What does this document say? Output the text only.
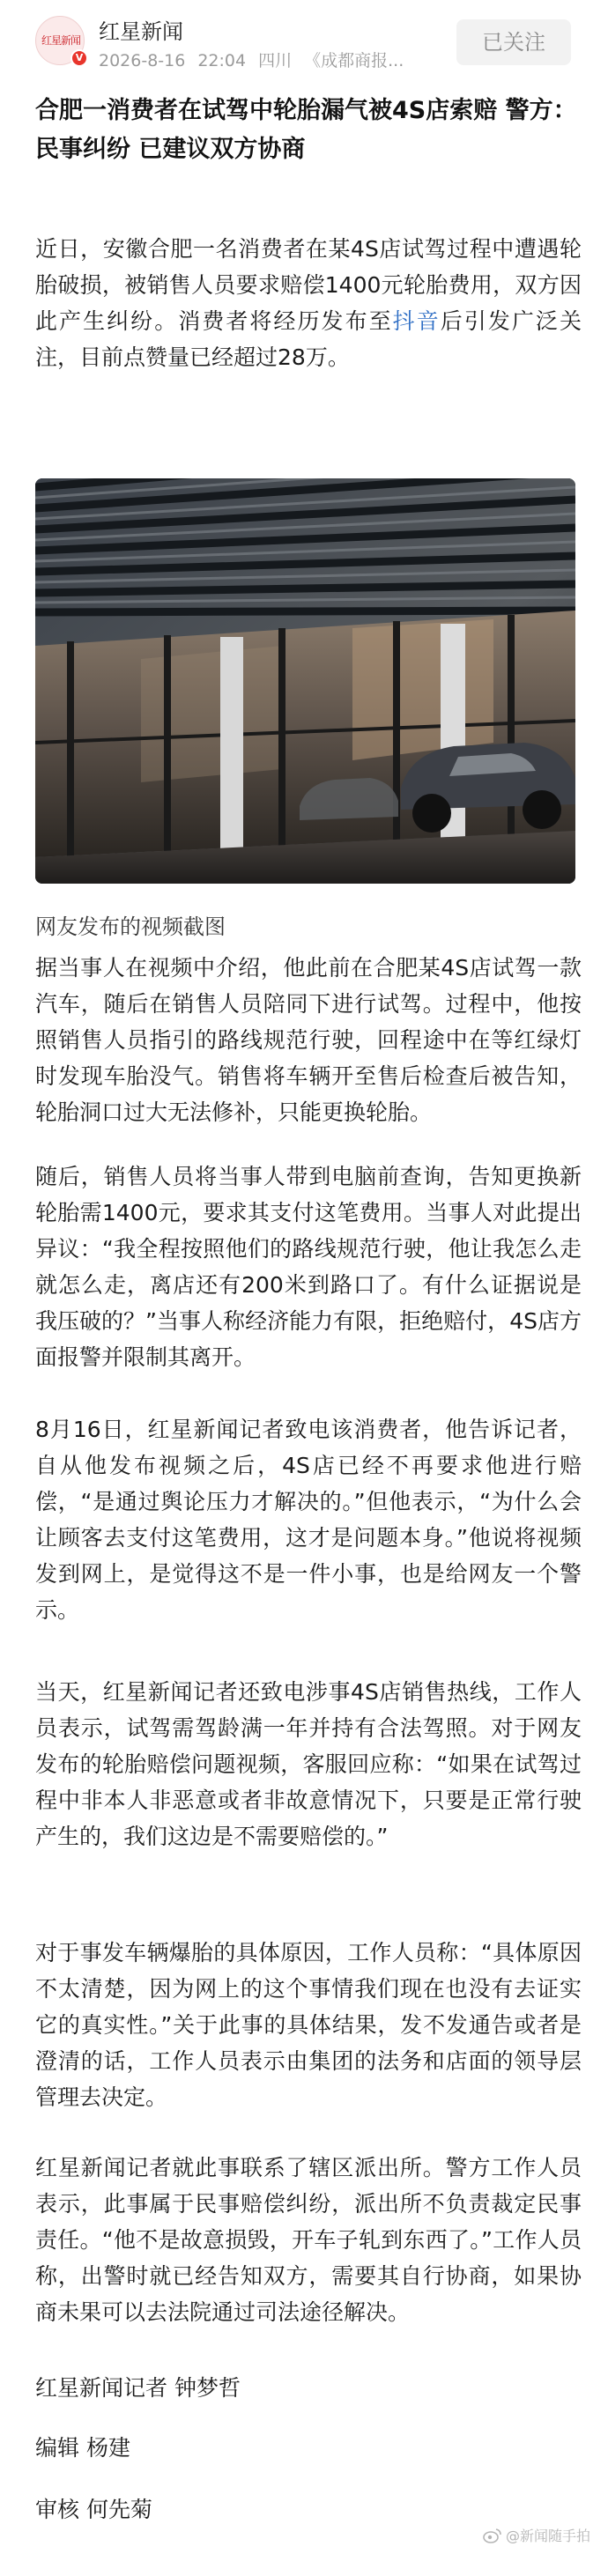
红星新闻
V
红星新闻
2026-8-16 22:04 四川 《成都商报...
已关注
合肥一消费者在试驾中轮胎漏气被4S店索赔 警方：民事纠纷 已建议双方协商
近日，安徽合肥一名消费者在某4S店试驾过程中遭遇轮胎破损，被销售人员要求赔偿1400元轮胎费用，双方因此产生纠纷。消费者将经历发布至抖音后引发广泛关注，目前点赞量已经超过28万。
网友发布的视频截图
据当事人在视频中介绍，他此前在合肥某4S店试驾一款汽车，随后在销售人员陪同下进行试驾。过程中，他按照销售人员指引的路线规范行驶，回程途中在等红绿灯时发现车胎没气。销售将车辆开至售后检查后被告知，轮胎洞口过大无法修补，只能更换轮胎。
随后，销售人员将当事人带到电脑前查询，告知更换新轮胎需1400元，要求其支付这笔费用。当事人对此提出异议：“我全程按照他们的路线规范行驶，他让我怎么走就怎么走，离店还有200米到路口了。有什么证据说是我压破的？”当事人称经济能力有限，拒绝赔付，4S店方面报警并限制其离开。
8月16日，红星新闻记者致电该消费者，他告诉记者，自从他发布视频之后，4S店已经不再要求他进行赔偿，“是通过舆论压力才解决的。”但他表示，“为什么会让顾客去支付这笔费用，这才是问题本身。”他说将视频发到网上，是觉得这不是一件小事，也是给网友一个警示。
当天，红星新闻记者还致电涉事4S店销售热线，工作人员表示，试驾需驾龄满一年并持有合法驾照。对于网友发布的轮胎赔偿问题视频，客服回应称：“如果在试驾过程中非本人非恶意或者非故意情况下，只要是正常行驶产生的，我们这边是不需要赔偿的。”
对于事发车辆爆胎的具体原因，工作人员称：“具体原因不太清楚，因为网上的这个事情我们现在也没有去证实它的真实性。”关于此事的具体结果，发不发通告或者是澄清的话，工作人员表示由集团的法务和店面的领导层管理去决定。
红星新闻记者就此事联系了辖区派出所。警方工作人员表示，此事属于民事赔偿纠纷，派出所不负责裁定民事责任。“他不是故意损毁，开车子轧到东西了。”工作人员称，出警时就已经告知双方，需要其自行协商，如果协商未果可以去法院通过司法途径解决。
红星新闻记者 钟梦哲
编辑 杨建
审核 何先菊
@新闻随手拍
